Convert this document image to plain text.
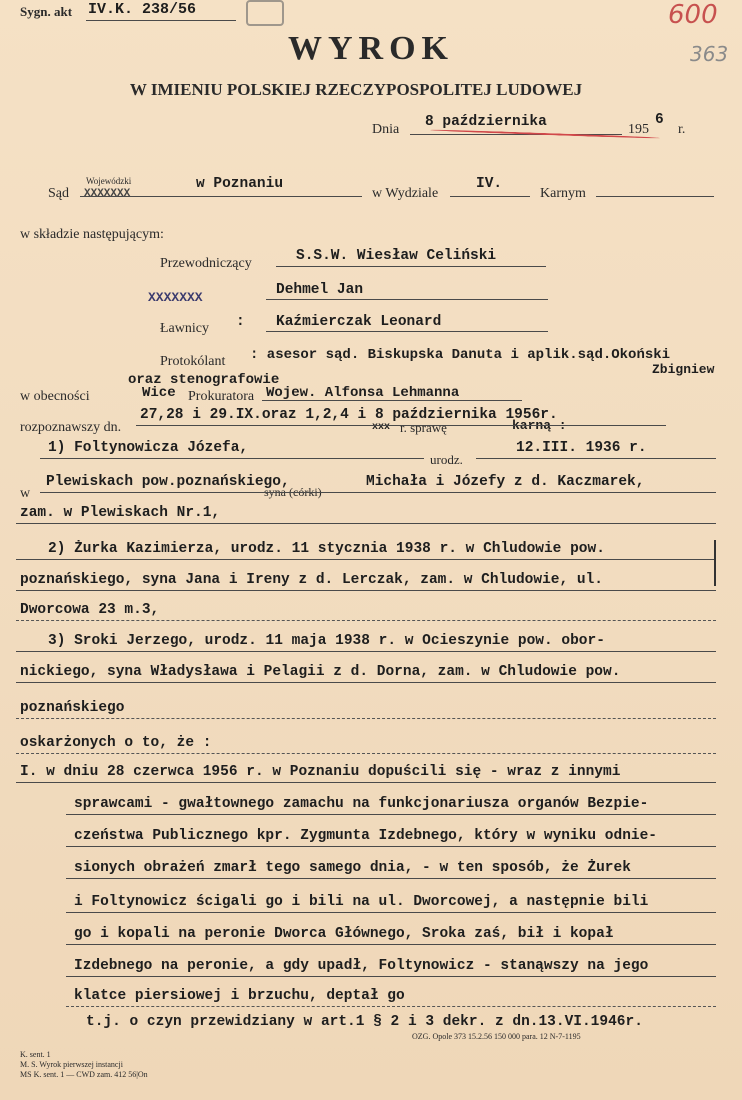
Sygn. akt IV.K. 238/56	600
363
WYROK
W IMIENIU POLSKIEJ RZECZYPOSPOLITEJ LUDOWEJ
Dnia 8 października	195
6
r.
Sąd
Wojewódzki
XXXXXXX
w Poznaniu
w Wydziale
IV.
Karnym
w składzie następującym:
Przewodniczący	S.S.W. Wiesław Celiński
XXXXXXX	Dehmel Jan
Ławnicy : Kaźmierczak Leonard
Protokólant : asesor sąd. Biskupska Danuta i aplik.sąd.Okoński
Zbigniew
w obecności
oraz stenografowie
Wice Prokuratora Wojew. Alfonsa Lehmanna
rozpoznawszy dn.
27,28 i 29.IX.oraz 1,2,4 i 8 października 1956r.
xxx r. sprawę	karną :
1) Foltynowicza Józefa,
urodz.
12.III. 1936 r.
w
Plewiskach pow.poznańskiego,
syna (córki)
Michała i Józefy z d. Kaczmarek,
zam. w Plewiskach Nr.1,
2) Żurka Kazimierza, urodz. 11 stycznia 1938 r. w Chludowie pow.
poznańskiego, syna Jana i Ireny z d. Lerczak, zam. w Chludowie, ul.
Dworcowa 23 m.3,
3) Sroki Jerzego, urodz. 11 maja 1938 r. w Ocieszynie pow. obor-
nickiego, syna Władysława i Pelagii z d. Dorna, zam. w Chludowie pow.
poznańskiego
oskarżonych o to, że :
I. w dniu 28 czerwca 1956 r. w Poznaniu dopuścili się - wraz z innymi
sprawcami - gwałtownego zamachu na funkcjonariusza organów Bezpie-
czeństwa Publicznego kpr. Zygmunta Izdebnego, który w wyniku odnie-
sionych obrażeń zmarł tego samego dnia, - w ten sposób, że Żurek
i Foltynowicz ścigali go i bili na ul. Dworcowej, a następnie bili
go i kopali na peronie Dworca Głównego, Sroka zaś, bił i kopał
Izdebnego na peronie, a gdy upadł, Foltynowicz - stanąwszy na jego
klatce piersiowej i brzuchu, deptał go
t.j. o czyn przewidziany w art.1 § 2 i 3 dekr. z dn.13.VI.1946r.
K. sent. 1
M. S. Wyrok pierwszej instancji
MS K. sent. 1 — CWD zam. 412 56|On
OZG. Opole 373 15.2.56 150 000 para. 12 N-7-1195
